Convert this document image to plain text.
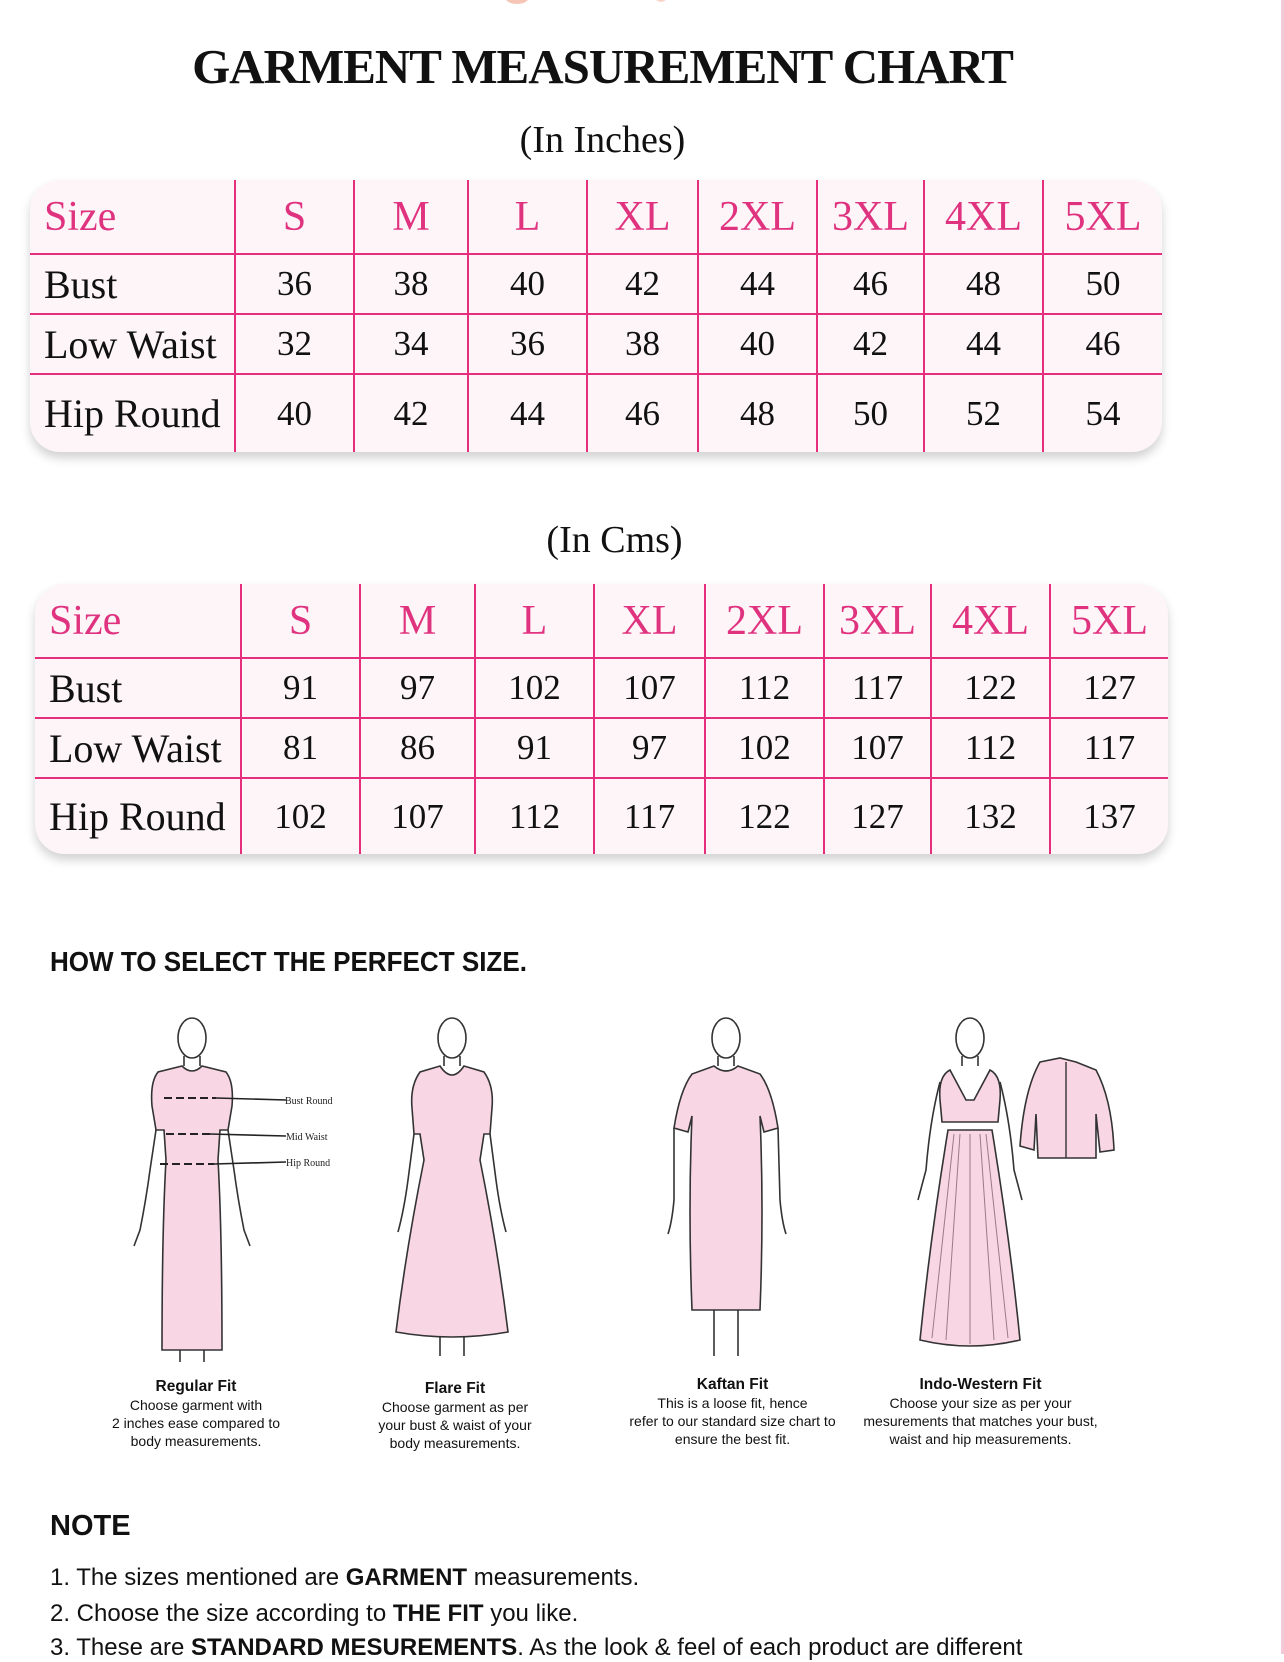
GARMENT MEASUREMENT CHART
(In Inches)
Size	S	M	L	XL	2XL	3XL	4XL	5XL
Bust	36	38	40	42	44	46	48	50
Low Waist	32	34	36	38	40	42	44	46
Hip Round	40	42	44	46	48	50	52	54
(In Cms)
Size	S	M	L	XL	2XL	3XL	4XL	5XL
Bust	91	97	102	107	112	117	122	127
Low Waist	81	86	91	97	102	107	112	117
Hip Round	102	107	112	117	122	127	132	137
HOW TO SELECT THE PERFECT SIZE.
Bust Round
Mid Waist
Hip Round
Regular Fit
Choose garment with
2 inches ease compared to
body measurements.
Flare Fit
Choose garment as per
your bust & waist of your
body measurements.
Kaftan Fit
This is a loose fit, hence
refer to our standard size chart to
ensure the best fit.
Indo-Western Fit
Choose your size as per your
mesurements that matches your bust,
waist and hip measurements.
NOTE
1. The sizes mentioned are GARMENT measurements.
2. Choose the size according to THE FIT you like.
3. These are STANDARD MESUREMENTS. As the look & feel of each product are different
